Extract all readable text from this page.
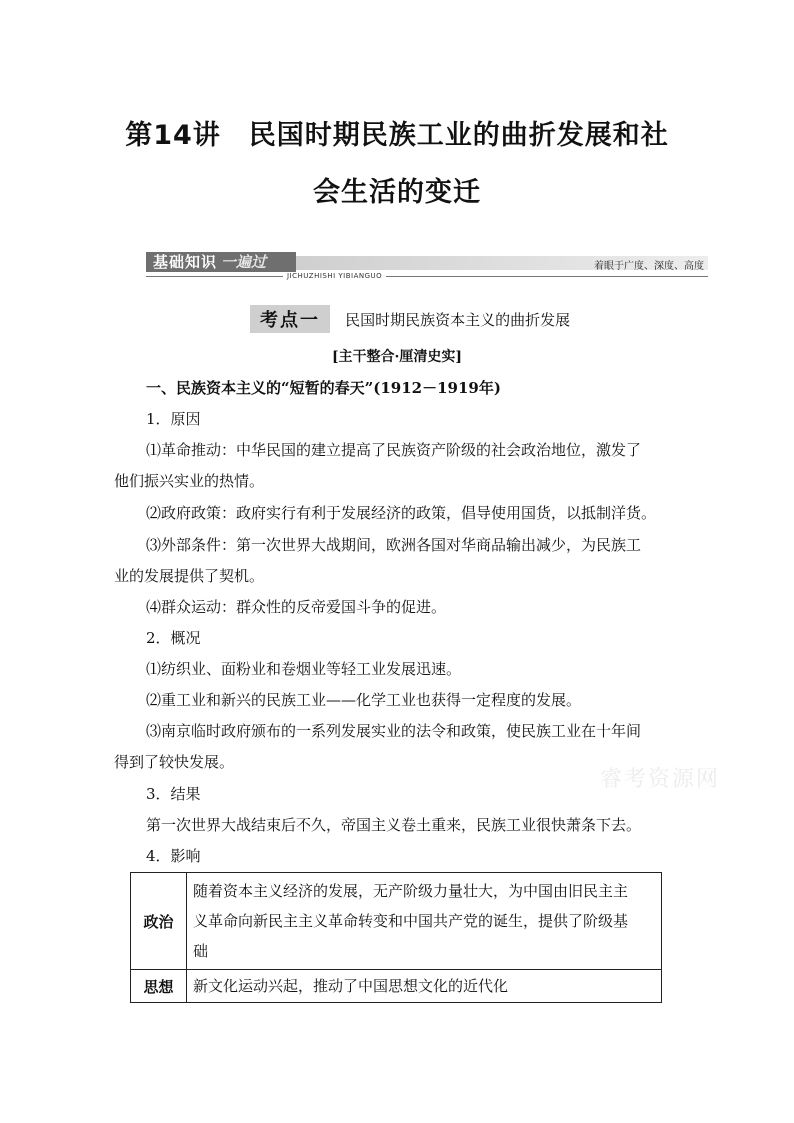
第14讲　民国时期民族工业的曲折发展和社
会生活的变迁
基础知识 一遍过	着眼于广度、深度、高度
JICHUZHISHI YIBIANGUO
考点一 民国时期民族资本主义的曲折发展
[主干整合·厘清史实]
一、民族资本主义的“短暂的春天”(1912－1919年)
1．原因
⑴革命推动：中华民国的建立提高了民族资产阶级的社会政治地位，激发了
他们振兴实业的热情。
⑵政府政策：政府实行有利于发展经济的政策，倡导使用国货，以抵制洋货。
⑶外部条件：第一次世界大战期间，欧洲各国对华商品输出减少，为民族工
业的发展提供了契机。
⑷群众运动：群众性的反帝爱国斗争的促进。
2．概况
⑴纺织业、面粉业和卷烟业等轻工业发展迅速。
⑵重工业和新兴的民族工业——化学工业也获得一定程度的发展。
⑶南京临时政府颁布的一系列发展实业的法令和政策，使民族工业在十年间
得到了较快发展。
3．结果
第一次世界大战结束后不久，帝国主义卷土重来，民族工业很快萧条下去。
4．影响
政治	随着资本主义经济的发展，无产阶级力量壮大，为中国由旧民主主
义革命向新民主主义革命转变和中国共产党的诞生，提供了阶级基
础

思想	新文化运动兴起，推动了中国思想文化的近代化
睿考资源网
